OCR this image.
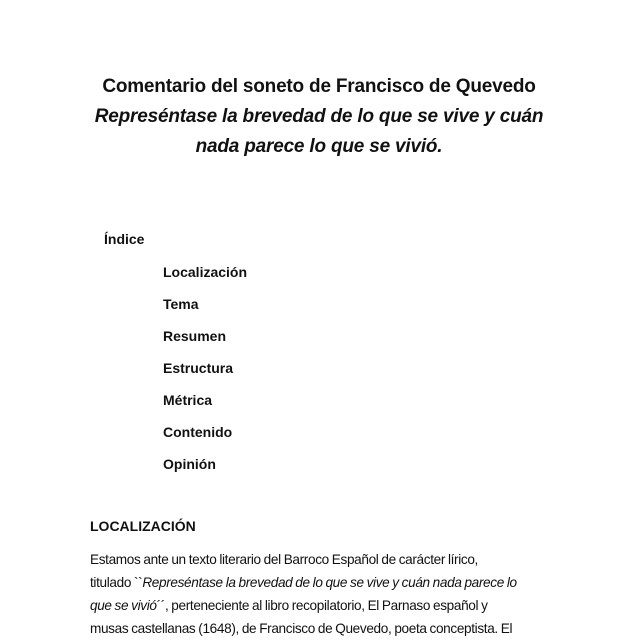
Comentario del soneto de Francisco de Quevedo
Represéntase la brevedad de lo que se vive y cuán
nada parece lo que se vivió.
Índice
Localización
Tema
Resumen
Estructura
Métrica
Contenido
Opinión
LOCALIZACIÓN
Estamos ante un texto literario del Barroco Español de carácter lírico,
titulado ``Represéntase la brevedad de lo que se vive y cuán nada parece lo
que se vivió´´, perteneciente al libro recopilatorio, El Parnaso español y
musas castellanas (1648), de Francisco de Quevedo, poeta conceptista. El
